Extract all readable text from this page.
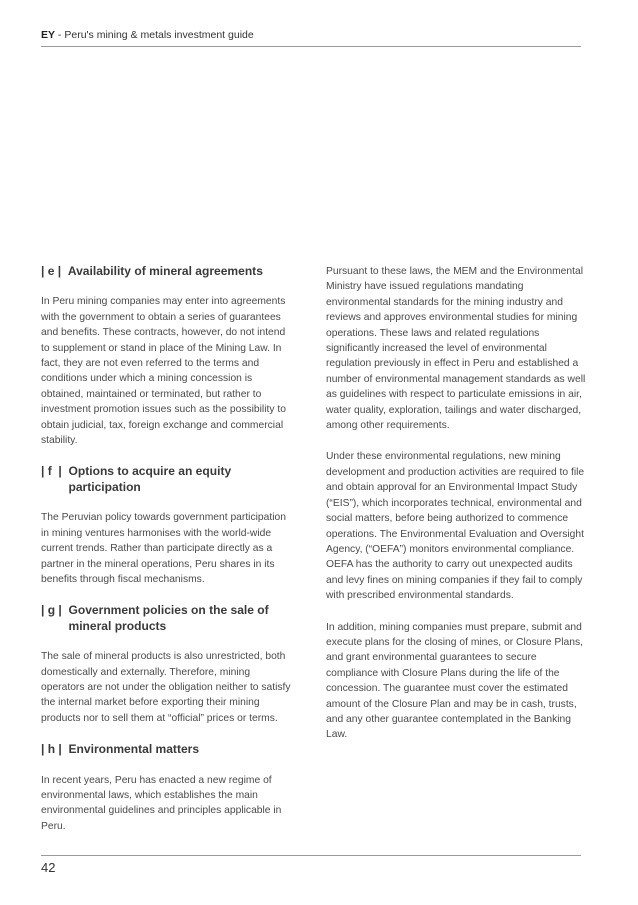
EY - Peru's mining & metals investment guide
| e | Availability of mineral agreements

In Peru mining companies may enter into agreements with the government to obtain a series of guarantees and benefits. These contracts, however, do not intend to supplement or stand in place of the Mining Law. In fact, they are not even referred to the terms and conditions under which a mining concession is obtained, maintained or terminated, but rather to investment promotion issues such as the possibility to obtain judicial, tax, foreign exchange and commercial stability.

| f  | Options to acquire an equity participation

The Peruvian policy towards government participation in mining ventures harmonises with the world-wide current trends. Rather than participate directly as a partner in the mineral operations, Peru shares in its benefits through fiscal mechanisms.

| g | Government policies on the sale of mineral products

The sale of mineral products is also unrestricted, both domestically and externally. Therefore, mining operators are not under the obligation neither to satisfy the internal market before exporting their mining products nor to sell them at “official” prices or terms.

| h | Environmental matters

In recent years, Peru has enacted a new regime of environmental laws, which establishes the main environmental guidelines and principles applicable in Peru.

Pursuant to these laws, the MEM and the Environmental Ministry have issued regulations mandating environmental standards for the mining industry and reviews and approves environmental studies for mining operations. These laws and related regulations significantly increased the level of environmental regulation previously in effect in Peru and established a number of environmental management standards as well as guidelines with respect to particulate emissions in air, water quality, exploration, tailings and water discharged, among other requirements.

Under these environmental regulations, new mining development and production activities are required to file and obtain approval for an Environmental Impact Study (“EIS”), which incorporates technical, environmental and social matters, before being authorized to commence operations. The Environmental Evaluation and Oversight Agency, (“OEFA”) monitors environmental compliance. OEFA has the authority to carry out unexpected audits and levy fines on mining companies if they fail to comply with prescribed environmental standards.

In addition, mining companies must prepare, submit and execute plans for the closing of mines, or Closure Plans, and grant environmental guarantees to secure compliance with Closure Plans during the life of the concession. The guarantee must cover the estimated amount of the Closure Plan and may be in cash, trusts, and any other guarantee contemplated in the Banking Law.

42
